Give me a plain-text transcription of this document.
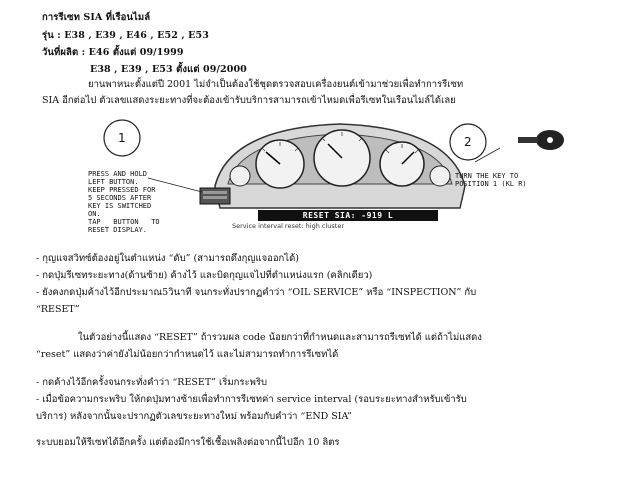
การรีเซท SIA ที่เรือนไมล์
รุ่น : E38 , E39 , E46 , E52 , E53
วันที่ผลิต : E46 ตั้งแต่ 09/1999
E38 , E39 , E53 ตั้งแต่ 09/2000
ยานพาหนะตั้งแต่ปี 2001 ไม่จำเป็นต้องใช้ชุดตรวจสอบเครื่องยนต์เข้ามาช่วยเพื่อทำการรีเซท
SIA อีกต่อไป ตัวเลขแสดงระยะทางที่จะต้องเข้ารับบริการสามารถเข้าไหมดเพื่อรีเซทในเรือนไมล์ได้เลย
1	2
PRESS AND HOLD
LEFT BUTTON.
KEEP PRESSED FOR
5 SECONDS AFTER
KEY IS SWITCHED
ON.
TAP   BUTTON   TO
RESET DISPLAY.
TURN THE KEY TO
POSITION 1 (KL R)
RESET SIA: -919 L
Service interval reset: high cluster
- กุญแจสวิทซ์ต้องอยู่ในตำแหน่ง “ดับ” (สามารถดึงกุญแจออกได้)
- กดปุ่มรีเซทระยะทาง(ด้านซ้าย) ค้างไว้ และบิดกุญแจไปที่ตำแหน่งแรก (คลิกเดียว)
- ยังคงกดปุ่มค้างไว้อีกประมาณ5วินาที จนกระทั่งปรากฏคำว่า “OIL SERVICE” หรือ “INSPECTION” กับ
“RESET”
ในตัวอย่างนี้แสดง “RESET” ถ้ารวมผล code น้อยกว่าที่กำหนดและสามารถรีเซทได้ แต่ถ้าไม่แสดง
“reset” แสดงว่าค่ายังไม่น้อยกว่ากำหนดไว้ และไม่สามารถทำการรีเซทได้
- กดค้างไว้อีกครั้งจนกระทั่งคำว่า “RESET” เริ่มกระพริบ
- เมื่อข้อความกระพริบ ให้กดปุ่มทางซ้ายเพื่อทำการรีเซทค่า service interval (รอบระยะทางสำหรับเข้ารับ
บริการ) หลังจากนั้นจะปรากฏตัวเลขระยะทางใหม่ พร้อมกับคำว่า “END SIA”
ระบบยอมให้รีเซทได้อีกครั้ง แต่ต้องมีการใช้เชื้อเพลิงต่อจากนี้ไปอีก 10 ลิตร
